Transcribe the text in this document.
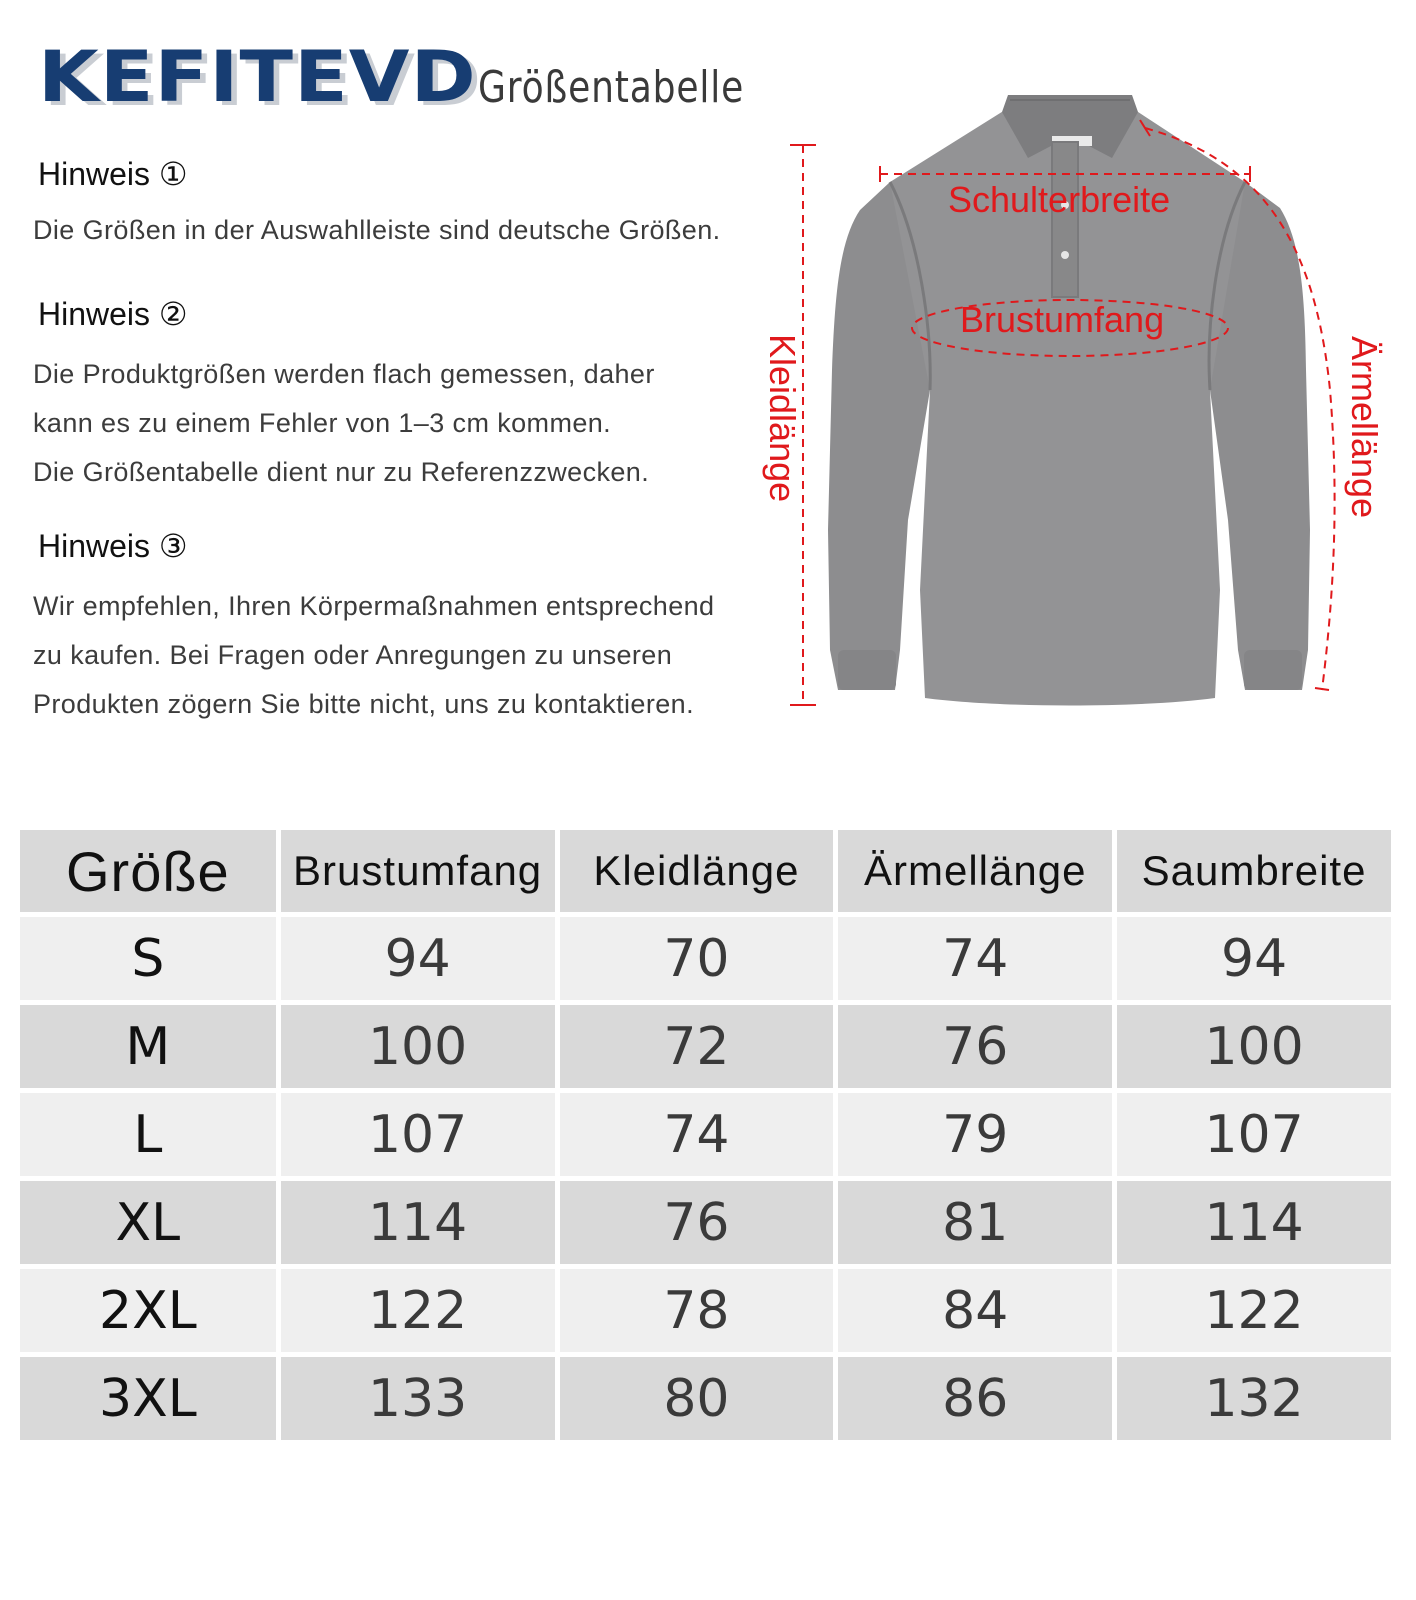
KEFITEVD Größentabelle
Hinweis ①
Die Größen in der Auswahlleiste sind deutsche Größen.
Hinweis ②
Die Produktgrößen werden flach gemessen, daher
kann es zu einem Fehler von 1–3 cm kommen.
Die Größentabelle dient nur zu Referenzzwecken.
Hinweis ③
Wir empfehlen, Ihren Körpermaßnahmen entsprechend
zu kaufen. Bei Fragen oder Anregungen zu unseren
Produkten zögern Sie bitte nicht, uns zu kontaktieren.
Schulterbreite
Brustumfang
Kleidlänge	Ärmellänge
Größe	Brustumfang	Kleidlänge	Ärmellänge	Saumbreite
S	94	70	74	94
M	100	72	76	100
L	107	74	79	107
XL	114	76	81	114
2XL	122	78	84	122
3XL	133	80	86	132
